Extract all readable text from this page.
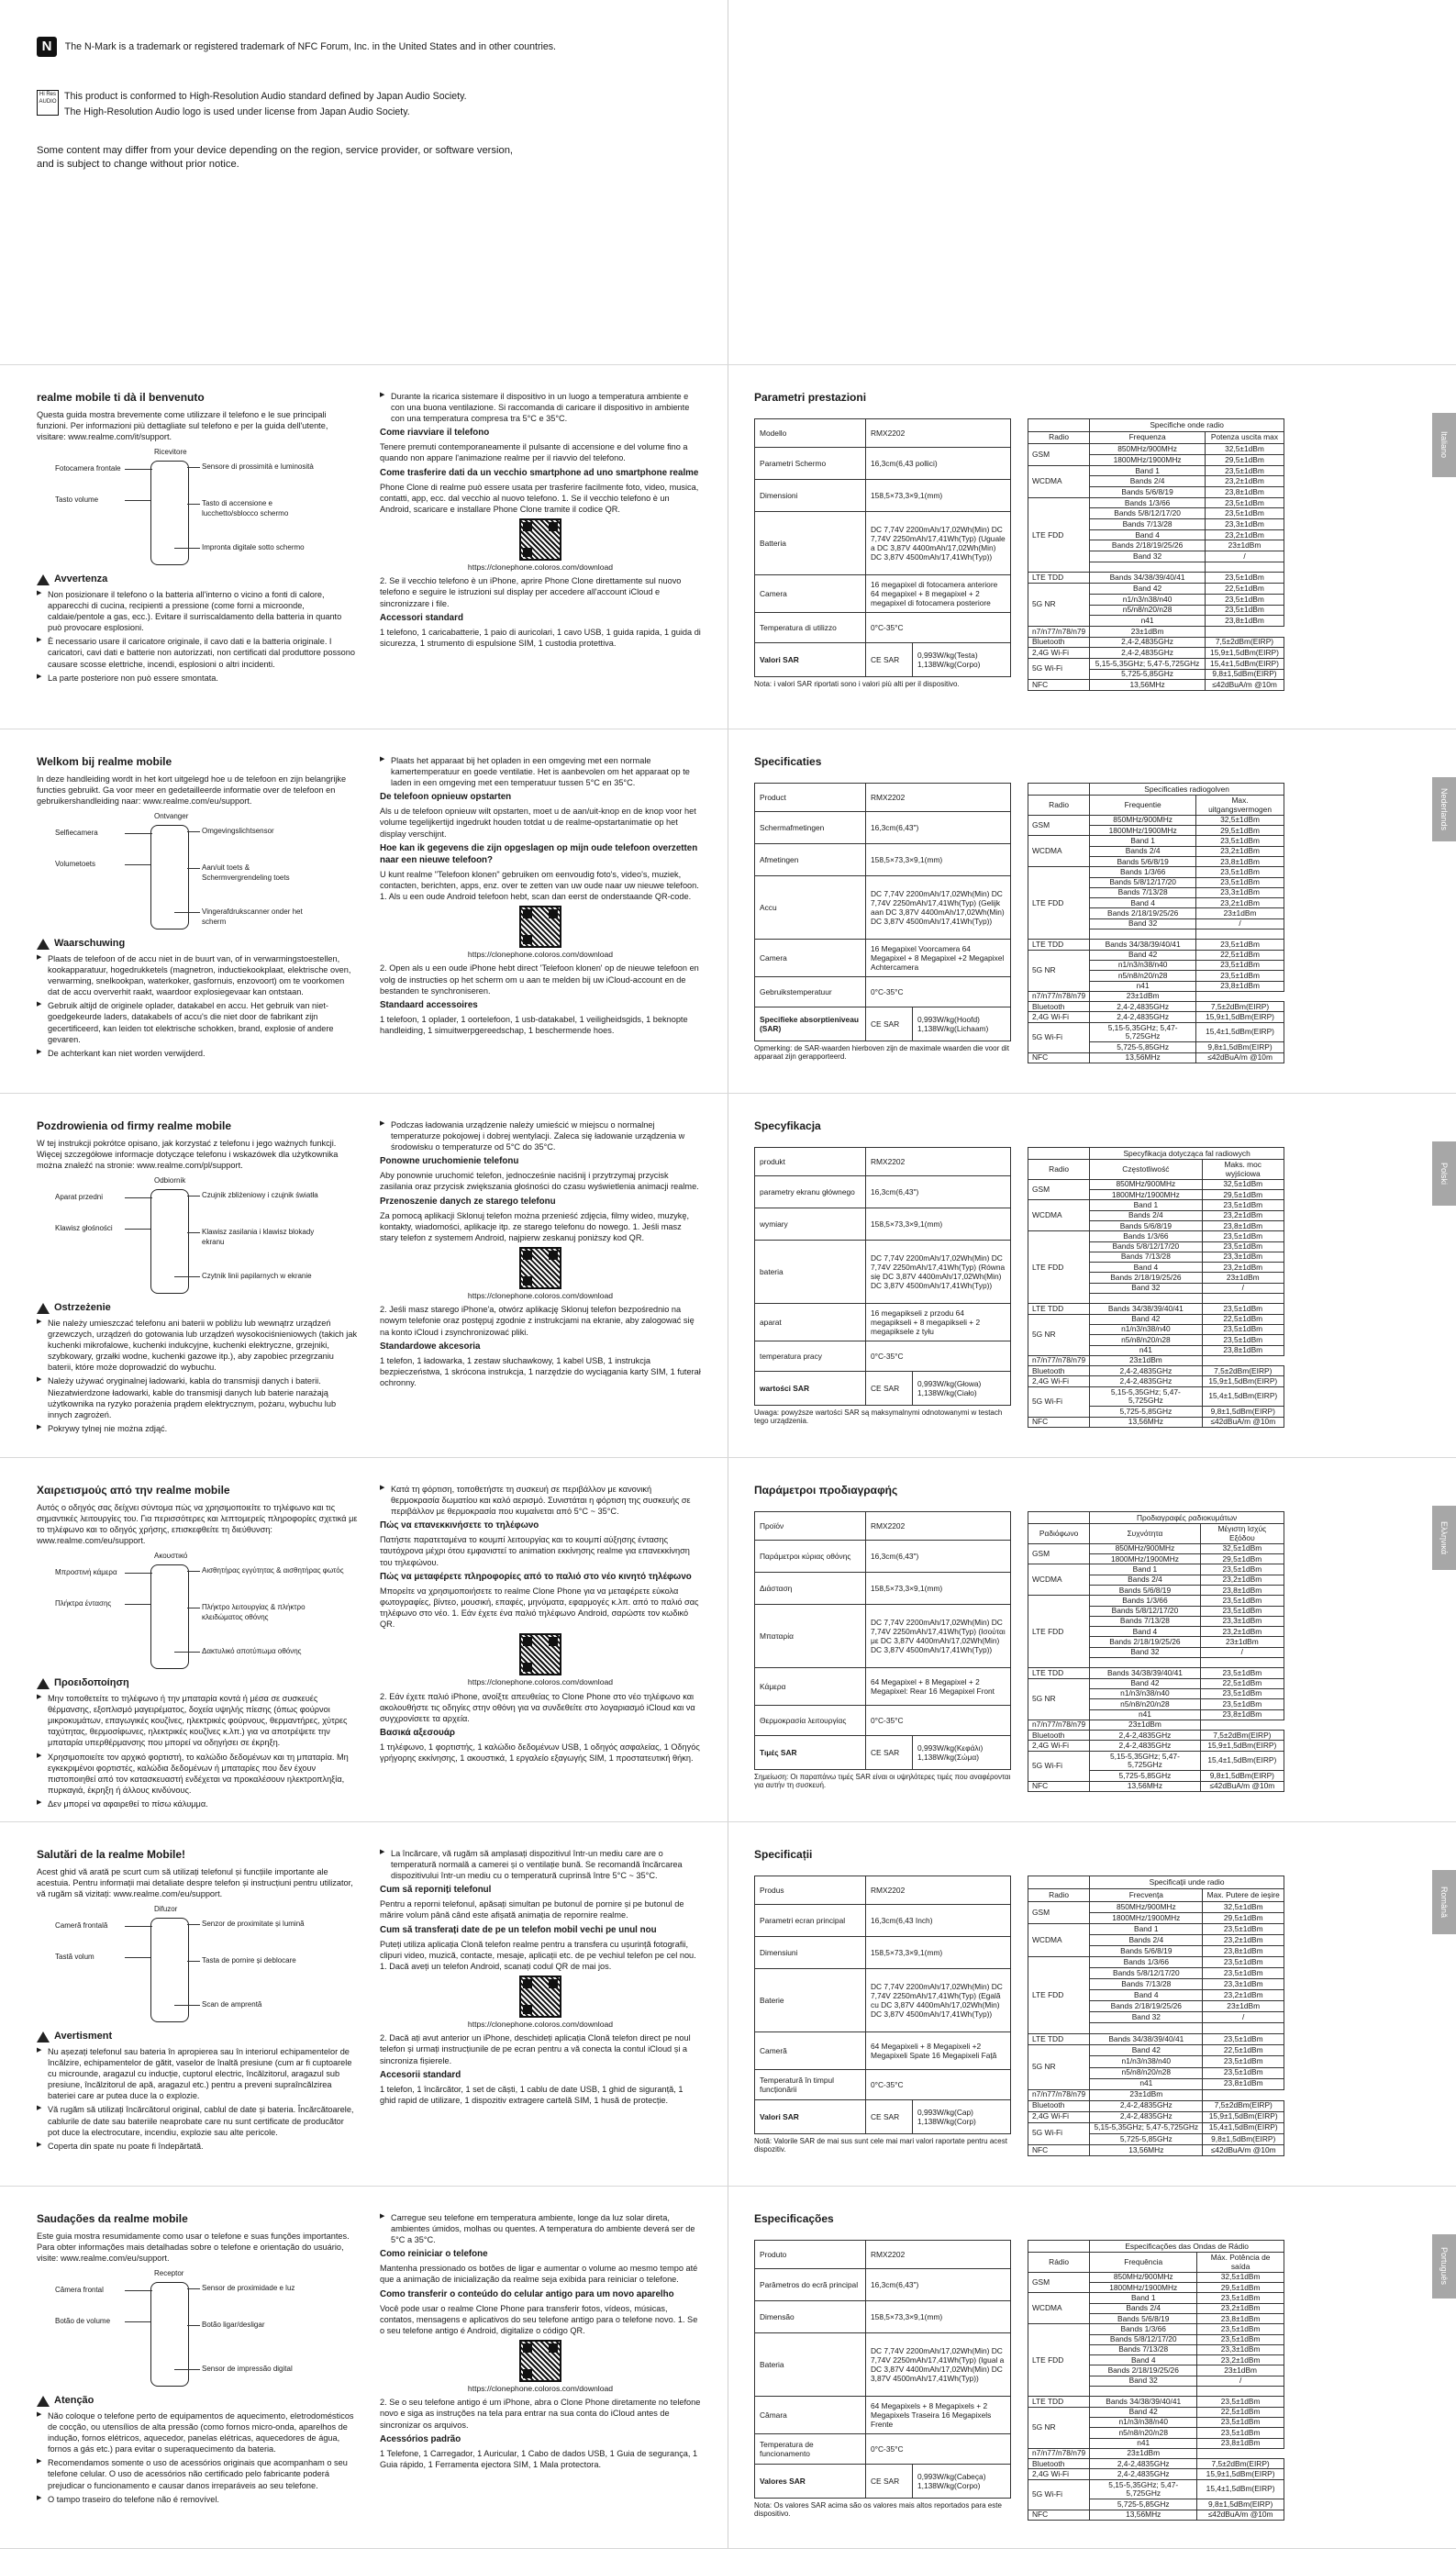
N The N-Mark is a trademark or registered trademark of NFC Forum, Inc. in the United States and in other countries.

Hi Res AUDIO This product is conformed to High-Resolution Audio standard defined by Japan Audio Society.

The High-Resolution Audio logo is used under license from Japan Audio Society.

Some content may differ from your device depending on the region, service provider, or software version,

and is subject to change without prior notice.

realme mobile ti dà il benvenuto

Questa guida mostra brevemente come utilizzare il telefono e le sue principali funzioni. Per informazioni più dettagliate sul telefono e per la guida dell'utente, visitare: www.realme.com/it/support.

Ricevitore
Fotocamera frontale	Sensore di prossimità e luminosità
Tasto volume	Tasto di accensione e lucchetto/sblocco schermo
Impronta digitale sotto schermo
Avvertenza

▶ Non posizionare il telefono o la batteria all'interno o vicino a fonti di calore, apparecchi di cucina, recipienti a pressione (come forni a microonde, caldaie/pentole a gas, ecc.). Evitare il surriscaldamento della batteria in quanto può provocare esplosioni.

▶ È necessario usare il caricatore originale, il cavo dati e la batteria originale. I caricatori, cavi dati e batterie non autorizzati, non certificati dal produttore possono causare scosse elettriche, incendi, esplosioni o altri incidenti.

▶ La parte posteriore non può essere smontata.

▶ Durante la ricarica sistemare il dispositivo in un luogo a temperatura ambiente e con una buona ventilazione. Si raccomanda di caricare il dispositivo in ambiente con una temperatura compresa tra 5°C e 35°C.

Come riavviare il telefono

Tenere premuti contemporaneamente il pulsante di accensione e del volume fino a quando non appare l'animazione realme per il riavvio del telefono.

Come trasferire dati da un vecchio smartphone ad uno smartphone realme

Phone Clone di realme può essere usata per trasferire facilmente foto, video, musica, contatti, app, ecc. dal vecchio al nuovo telefono. 1. Se il vecchio telefono è un Android, scaricare e installare Phone Clone tramite il codice QR.

https://clonephone.coloros.com/download

2. Se il vecchio telefono è un iPhone, aprire Phone Clone direttamente sul nuovo telefono e seguire le istruzioni sul display per accedere all'account iCloud e sincronizzare i file.

Accessori standard

1 telefono, 1 caricabatterie, 1 paio di auricolari, 1 cavo USB, 1 guida rapida, 1 guida di sicurezza, 1 strumento di espulsione SIM, 1 custodia protettiva.

Parametri prestazioni
Modello	RMX2202	
Parametri Schermo	16,3cm(6,43 pollici)	
Dimensioni	158,5×73,3×9,1(mm)	
Batteria	DC 7,74V 2200mAh/17,02Wh(Min) DC 7,74V 2250mAh/17,41Wh(Typ) (Uguale a DC 3,87V 4400mAh/17,02Wh(Min) DC 3,87V 4500mAh/17,41Wh(Typ))	
Camera	16 megapixel di fotocamera anteriore 64 megapixel + 8 megapixel + 2 megapixel di fotocamera posteriore	
Temperatura di utilizzo	0°C-35°C	
Valori SAR	CE SAR	0,993W/kg(Testa) 1,138W/kg(Corpo)

Nota: i valori SAR riportati sono i valori più alti per il dispositivo.

	Specifiche onde radio	
Radio	Frequenza	Potenza uscita max
GSM	850MHz/900MHz	32,5±1dBm
	1800MHz/1900MHz	29,5±1dBm
WCDMA	Band 1	23,5±1dBm
	Bands 2/4	23,2±1dBm
	Bands 5/6/8/19	23,8±1dBm
LTE FDD	Bands 1/3/66	23,5±1dBm
	Bands 5/8/12/17/20	23,5±1dBm
	Bands 7/13/28	23,3±1dBm
	Band 4	23,2±1dBm
	Bands 2/18/19/25/26	23±1dBm
	Band 32	/

LTE TDD	Bands 34/38/39/40/41	23,5±1dBm
5G NR	Band 42	22,5±1dBm
	n1/n3/n38/n40	23,5±1dBm
	n5/n8/n20/n28	23,5±1dBm
	n41	23,8±1dBm
n7/n77/n78/n79	23±1dBm	
Bluetooth	2,4-2,4835GHz	7,5±2dBm(EIRP)
2,4G Wi-Fi	2,4-2,4835GHz	15,9±1,5dBm(EIRP)
5G Wi-Fi	5,15-5,35GHz; 5,47-5,725GHz	15,4±1,5dBm(EIRP)
	5,725-5,85GHz	9,8±1,5dBm(EIRP)
NFC	13,56MHz	≤42dBuA/m @10m
Italiano
Welkom bij realme mobile

In deze handleiding wordt in het kort uitgelegd hoe u de telefoon en zijn belangrijke functies gebruikt. Ga voor meer en gedetailleerde informatie over de telefoon en gebruikershandleiding naar: www.realme.com/eu/support.

Ontvanger
Selfiecamera	Omgevingslichtsensor
Volumetoets	Aan/uit toets & Schermvergrendeling toets
Vingerafdrukscanner onder het scherm
Waarschuwing

▶ Plaats de telefoon of de accu niet in de buurt van, of in verwarmingstoestellen, kookapparatuur, hogedrukketels (magnetron, inductiekookplaat, elektrische oven, verwarming, snelkookpan, waterkoker, gasfornuis, enzovoort) om te voorkomen dat de accu oververhit raakt, waardoor explosiegevaar kan ontstaan.

▶ Gebruik altijd de originele oplader, datakabel en accu. Het gebruik van niet-goedgekeurde laders, datakabels of accu's die niet door de fabrikant zijn gecertificeerd, kan leiden tot elektrische schokken, brand, explosie of andere gevaren.

▶ De achterkant kan niet worden verwijderd.

▶ Plaats het apparaat bij het opladen in een omgeving met een normale kamertemperatuur en goede ventilatie. Het is aanbevolen om het apparaat op te laden in een omgeving met een temperatuur tussen 5°C en 35°C.

De telefoon opnieuw opstarten

Als u de telefoon opnieuw wilt opstarten, moet u de aan/uit-knop en de knop voor het volume tegelijkertijd ingedrukt houden totdat u de realme-opstartanimatie op het display verschijnt.

Hoe kan ik gegevens die zijn opgeslagen op mijn oude telefoon overzetten naar een nieuwe telefoon?

U kunt realme "Telefoon klonen" gebruiken om eenvoudig foto's, video's, muziek, contacten, berichten, apps, enz. over te zetten van uw oude naar uw nieuwe telefoon. 1. Als u een oude Android telefoon hebt, scan dan eerst de onderstaande QR-code.

https://clonephone.coloros.com/download

2. Open als u een oude iPhone hebt direct 'Telefoon klonen' op de nieuwe telefoon en volg de instructies op het scherm om u aan te melden bij uw iCloud-account en de bestanden te synchroniseren.

Standaard accessoires

1 telefoon, 1 oplader, 1 oortelefoon, 1 usb-datakabel, 1 veiligheidsgids, 1 beknopte handleiding, 1 simuitwerpgereedschap, 1 beschermende hoes.

Specificaties
Product	RMX2202	
Schermafmetingen	16,3cm(6,43")	
Afmetingen	158,5×73,3×9,1(mm)	
Accu	DC 7,74V 2200mAh/17,02Wh(Min) DC 7,74V 2250mAh/17,41Wh(Typ) (Gelijk aan DC 3,87V 4400mAh/17,02Wh(Min) DC 3,87V 4500mAh/17,41Wh(Typ))	
Camera	16 Megapixel Voorcamera 64 Megapixel + 8 Megapixel +2 Megapixel Achtercamera	
Gebruikstemperatuur	0°C-35°C	
Specifieke absorptieniveau (SAR)	CE SAR	0,993W/kg(Hoofd) 1,138W/kg(Lichaam)

Opmerking: de SAR-waarden hierboven zijn de maximale waarden die voor dit apparaat zijn gerapporteerd.

	Specificaties radiogolven	
Radio	Frequentie	Max. uitgangsvermogen
GSM	850MHz/900MHz	32,5±1dBm
	1800MHz/1900MHz	29,5±1dBm
WCDMA	Band 1	23,5±1dBm
	Bands 2/4	23,2±1dBm
	Bands 5/6/8/19	23,8±1dBm
LTE FDD	Bands 1/3/66	23,5±1dBm
	Bands 5/8/12/17/20	23,5±1dBm
	Bands 7/13/28	23,3±1dBm
	Band 4	23,2±1dBm
	Bands 2/18/19/25/26	23±1dBm
	Band 32	/

LTE TDD	Bands 34/38/39/40/41	23,5±1dBm
5G NR	Band 42	22,5±1dBm
	n1/n3/n38/n40	23,5±1dBm
	n5/n8/n20/n28	23,5±1dBm
	n41	23,8±1dBm
n7/n77/n78/n79	23±1dBm	
Bluetooth	2,4-2,4835GHz	7,5±2dBm(EIRP)
2,4G Wi-Fi	2,4-2,4835GHz	15,9±1,5dBm(EIRP)
5G Wi-Fi	5,15-5,35GHz; 5,47-5,725GHz	15,4±1,5dBm(EIRP)
	5,725-5,85GHz	9,8±1,5dBm(EIRP)
NFC	13,56MHz	≤42dBuA/m @10m
Nederlands
Pozdrowienia od firmy realme mobile

W tej instrukcji pokrótce opisano, jak korzystać z telefonu i jego ważnych funkcji. Więcej szczegółowe informacje dotyczące telefonu i wskazówek dla użytkownika można znaleźć na stronie: www.realme.com/pl/support.

Odbiornik
Aparat przedni	Czujnik zbliżeniowy i czujnik światła
Klawisz głośności	Klawisz zasilania i klawisz blokady ekranu
Czytnik linii papilarnych w ekranie
Ostrzeżenie

▶ Nie należy umieszczać telefonu ani baterii w pobliżu lub wewnątrz urządzeń grzewczych, urządzeń do gotowania lub urządzeń wysokociśnieniowych (takich jak kuchenki mikrofalowe, kuchenki indukcyjne, kuchenki elektryczne, grzejniki, szybkowary, grzałki wodne, kuchenki gazowe itp.), aby zapobiec przegrzaniu baterii, które może doprowadzić do wybuchu.

▶ Należy używać oryginalnej ładowarki, kabla do transmisji danych i baterii. Niezatwierdzone ładowarki, kable do transmisji danych lub baterie narażają użytkownika na ryzyko porażenia prądem elektrycznym, pożaru, wybuchu lub innych zagrożeń.

▶ Pokrywy tylnej nie można zdjąć.

▶ Podczas ładowania urządzenie należy umieścić w miejscu o normalnej temperaturze pokojowej i dobrej wentylacji. Zaleca się ładowanie urządzenia w środowisku o temperaturze od 5°C do 35°C.

Ponowne uruchomienie telefonu

Aby ponownie uruchomić telefon, jednocześnie naciśnij i przytrzymaj przycisk zasilania oraz przycisk zwiększania głośności do czasu wyświetlenia animacji realme.

Przenoszenie danych ze starego telefonu

Za pomocą aplikacji Sklonuj telefon można przenieść zdjęcia, filmy wideo, muzykę, kontakty, wiadomości, aplikacje itp. ze starego telefonu do nowego. 1. Jeśli masz stary telefon z systemem Android, najpierw zeskanuj poniższy kod QR.

https://clonephone.coloros.com/download

2. Jeśli masz starego iPhone'a, otwórz aplikację Sklonuj telefon bezpośrednio na nowym telefonie oraz postępuj zgodnie z instrukcjami na ekranie, aby zalogować się na konto iCloud i zsynchronizować pliki.

Standardowe akcesoria

1 telefon, 1 ładowarka, 1 zestaw słuchawkowy, 1 kabel USB, 1 instrukcja bezpieczeństwa, 1 skrócona instrukcja, 1 narzędzie do wyciągania karty SIM, 1 futerał ochronny.

Specyfikacja
produkt	RMX2202	
parametry ekranu głównego	16,3cm(6,43")	
wymiary	158,5×73,3×9,1(mm)	
bateria	DC 7,74V 2200mAh/17,02Wh(Min) DC 7,74V 2250mAh/17,41Wh(Typ) (Równa się DC 3,87V 4400mAh/17,02Wh(Min) DC 3,87V 4500mAh/17,41Wh(Typ))	
aparat	16 megapikseli z przodu 64 megapikseli + 8 megapikseli + 2 megapiksele z tyłu	
temperatura pracy	0°C-35°C	
wartości SAR	CE SAR	0,993W/kg(Głowa) 1,138W/kg(Ciało)

Uwaga: powyższe wartości SAR są maksymalnymi odnotowanymi w testach tego urządzenia.

	Specyfikacja dotycząca fal radiowych	
Radio	Częstotliwość	Maks. moc wyjściowa
GSM	850MHz/900MHz	32,5±1dBm
	1800MHz/1900MHz	29,5±1dBm
WCDMA	Band 1	23,5±1dBm
	Bands 2/4	23,2±1dBm
	Bands 5/6/8/19	23,8±1dBm
LTE FDD	Bands 1/3/66	23,5±1dBm
	Bands 5/8/12/17/20	23,5±1dBm
	Bands 7/13/28	23,3±1dBm
	Band 4	23,2±1dBm
	Bands 2/18/19/25/26	23±1dBm
	Band 32	/

LTE TDD	Bands 34/38/39/40/41	23,5±1dBm
5G NR	Band 42	22,5±1dBm
	n1/n3/n38/n40	23,5±1dBm
	n5/n8/n20/n28	23,5±1dBm
	n41	23,8±1dBm
n7/n77/n78/n79	23±1dBm	
Bluetooth	2,4-2,4835GHz	7,5±2dBm(EIRP)
2,4G Wi-Fi	2,4-2,4835GHz	15,9±1,5dBm(EIRP)
5G Wi-Fi	5,15-5,35GHz; 5,47-5,725GHz	15,4±1,5dBm(EIRP)
	5,725-5,85GHz	9,8±1,5dBm(EIRP)
NFC	13,56MHz	≤42dBuA/m @10m
Polski
Χαιρετισμούς από την realme mobile

Αυτός ο οδηγός σας δείχνει σύντομα πώς να χρησιμοποιείτε το τηλέφωνο και τις σημαντικές λειτουργίες του. Για περισσότερες και λεπτομερείς πληροφορίες σχετικά με το τηλέφωνο και το οδηγός χρήσης, επισκεφθείτε τη διεύθυνση: www.realme.com/eu/support.

Ακουστικό
Μπροστινή κάμερα	Αισθητήρας εγγύτητας & αισθητήρας φωτός
Πλήκτρα έντασης	Πλήκτρο λειτουργίας & πλήκτρο κλειδώματος οθόνης
Δακτυλικό αποτύπωμα οθόνης
Προειδοποίηση

▶ Μην τοποθετείτε το τηλέφωνο ή την μπαταρία κοντά ή μέσα σε συσκευές θέρμανσης, εξοπλισμό μαγειρέματος, δοχεία υψηλής πίεσης (όπως φούρνοι μικροκυμάτων, επαγωγικές κουζίνες, ηλεκτρικές φούρνους, θερμαντήρες, χύτρες ταχύτητας, θερμοσίφωνες, ηλεκτρικές κουζίνες κ.λπ.) για να αποτρέψετε την μπαταρία υπερθέρμανσης που μπορεί να οδηγήσει σε έκρηξη.

▶ Χρησιμοποιείτε τον αρχικό φορτιστή, το καλώδιο δεδομένων και τη μπαταρία. Μη εγκεκριμένοι φορτιστές, καλώδια δεδομένων ή μπαταρίες που δεν έχουν πιστοποιηθεί από τον κατασκευαστή ενδέχεται να προκαλέσουν ηλεκτροπληξία, πυρκαγιά, έκρηξη ή άλλους κινδύνους.

▶ Δεν μπορεί να αφαιρεθεί το πίσω κάλυμμα.

▶ Κατά τη φόρτιση, τοποθετήστε τη συσκευή σε περιβάλλον με κανονική θερμοκρασία δωματίου και καλό αερισμό. Συνιστάται η φόρτιση της συσκευής σε περιβάλλον με θερμοκρασία που κυμαίνεται από 5°C ~ 35°C.

Πώς να επανεκκινήσετε το τηλέφωνο

Πατήστε παρατεταμένα το κουμπί λειτουργίας και το κουμπί αύξησης έντασης ταυτόχρονα μέχρι ότου εμφανιστεί το animation εκκίνησης realme για επανεκκίνηση του τηλεφώνου.

Πώς να μεταφέρετε πληροφορίες από το παλιό στο νέο κινητό τηλέφωνο

Μπορείτε να χρησιμοποιήσετε το realme Clone Phone για να μεταφέρετε εύκολα φωτογραφίες, βίντεο, μουσική, επαφές, μηνύματα, εφαρμογές κ.λπ. από το παλιό σας τηλέφωνο στο νέο. 1. Εάν έχετε ένα παλιό τηλέφωνο Android, σαρώστε τον κωδικό QR.

https://clonephone.coloros.com/download

2. Εάν έχετε παλιό iPhone, ανοίξτε απευθείας το Clone Phone στο νέο τηλέφωνο και ακολουθήστε τις οδηγίες στην οθόνη για να συνδεθείτε στο λογαριασμό iCloud και να συγχρονίσετε τα αρχεία.

Βασικά αξεσουάρ

1 τηλέφωνο, 1 φορτιστής, 1 καλώδιο δεδομένων USB, 1 οδηγός ασφαλείας, 1 Οδηγός γρήγορης εκκίνησης, 1 ακουστικά, 1 εργαλείο εξαγωγής SIM, 1 προστατευτική θήκη.

Παράμετροι προδιαγραφής
Προϊόν	RMX2202	
Παράμετροι κύριας οθόνης	16,3cm(6,43")	
Διάσταση	158,5×73,3×9,1(mm)	
Μπαταρία	DC 7,74V 2200mAh/17,02Wh(Min) DC 7,74V 2250mAh/17,41Wh(Typ) (Ισούται με DC 3,87V 4400mAh/17,02Wh(Min) DC 3,87V 4500mAh/17,41Wh(Typ))	
Κάμερα	64 Megapixel + 8 Megapixel + 2 Megapixel: Rear 16 Megapixel Front	
Θερμοκρασία λειτουργίας	0°C-35°C	
Τιμές SAR	CE SAR	0,993W/kg(Κεφάλι) 1,138W/kg(Σώμα)

Σημείωση: Οι παραπάνω τιμές SAR είναι οι υψηλότερες τιμές που αναφέρονται για αυτήν τη συσκευή.

	Προδιαγραφές ραδιοκυμάτων	
Ραδιόφωνο	Συχνότητα	Μέγιστη Ισχύς Εξόδου
GSM	850MHz/900MHz	32,5±1dBm
	1800MHz/1900MHz	29,5±1dBm
WCDMA	Band 1	23,5±1dBm
	Bands 2/4	23,2±1dBm
	Bands 5/6/8/19	23,8±1dBm
LTE FDD	Bands 1/3/66	23,5±1dBm
	Bands 5/8/12/17/20	23,5±1dBm
	Bands 7/13/28	23,3±1dBm
	Band 4	23,2±1dBm
	Bands 2/18/19/25/26	23±1dBm
	Band 32	/

LTE TDD	Bands 34/38/39/40/41	23,5±1dBm
5G NR	Band 42	22,5±1dBm
	n1/n3/n38/n40	23,5±1dBm
	n5/n8/n20/n28	23,5±1dBm
	n41	23,8±1dBm
n7/n77/n78/n79	23±1dBm	
Bluetooth	2,4-2,4835GHz	7,5±2dBm(EIRP)
2,4G Wi-Fi	2,4-2,4835GHz	15,9±1,5dBm(EIRP)
5G Wi-Fi	5,15-5,35GHz; 5,47-5,725GHz	15,4±1,5dBm(EIRP)
	5,725-5,85GHz	9,8±1,5dBm(EIRP)
NFC	13,56MHz	≤42dBuA/m @10m
Ελληνικά
Salutări de la realme Mobile!

Acest ghid vă arată pe scurt cum să utilizați telefonul și funcțiile importante ale acestuia. Pentru informații mai detaliate despre telefon și instrucțiuni pentru utilizator, vă rugăm să vizitați: www.realme.com/eu/support.

Difuzor
Cameră frontală	Senzor de proximitate și lumină
Tastă volum	Tasta de pornire și deblocare
Scan de amprentă
Avertisment

▶ Nu așezați telefonul sau bateria în apropierea sau în interiorul echipamentelor de încălzire, echipamentelor de gătit, vaselor de înaltă presiune (cum ar fi cuptoarele cu microunde, aragazul cu inducție, cuptorul electric, încălzitorul, aragazul sub presiune, încălzitorul de apă, aragazul etc.) pentru a preveni supraîncălzirea bateriei care ar putea duce la o explozie.

▶ Vă rugăm să utilizați încărcătorul original, cablul de date și bateria. Încărcătoarele, cablurile de date sau bateriile neaprobate care nu sunt certificate de producător pot duce la electrocutare, incendiu, explozie sau alte pericole.

▶ Coperta din spate nu poate fi îndepărtată.

▶ La încărcare, vă rugăm să amplasați dispozitivul într-un mediu care are o temperatură normală a camerei și o ventilație bună. Se recomandă încărcarea dispozitivului într-un mediu cu o temperatură cuprinsă între 5°C ~ 35°C.

Cum să reporniți telefonul

Pentru a reporni telefonul, apăsați simultan pe butonul de pornire și pe butonul de mărire volum până când este afișată animația de repornire realme.

Cum să transferați date de pe un telefon mobil vechi pe unul nou

Puteți utiliza aplicația Clonă telefon realme pentru a transfera cu ușurință fotografii, clipuri video, muzică, contacte, mesaje, aplicații etc. de pe vechiul telefon pe cel nou. 1. Dacă aveți un telefon Android, scanați codul QR de mai jos.

https://clonephone.coloros.com/download

2. Dacă ați avut anterior un iPhone, deschideți aplicația Clonă telefon direct pe noul telefon și urmați instrucțiunile de pe ecran pentru a vă conecta la contul iCloud și a sincroniza fișierele.

Accesorii standard

1 telefon, 1 încărcător, 1 set de căști, 1 cablu de date USB, 1 ghid de siguranță, 1 ghid rapid de utilizare, 1 dispozitiv extragere cartelă SIM, 1 husă de protecție.

Specificații
Produs	RMX2202	
Parametri ecran principal	16,3cm(6,43 Inch)	
Dimensiuni	158,5×73,3×9,1(mm)	
Baterie	DC 7,74V 2200mAh/17,02Wh(Min) DC 7,74V 2250mAh/17,41Wh(Typ) (Egală cu DC 3,87V 4400mAh/17,02Wh(Min) DC 3,87V 4500mAh/17,41Wh(Typ))	
Cameră	64 Megapixeli + 8 Megapixeli +2 Megapixeli Spate 16 Megapixeli Față	
Temperatură în timpul funcționării	0°C-35°C	
Valori SAR	CE SAR	0,993W/kg(Cap) 1,138W/kg(Corp)

Notă: Valorile SAR de mai sus sunt cele mai mari valori raportate pentru acest dispozitiv.

	Specificații unde radio	
Radio	Frecvența	Max. Putere de ieșire
GSM	850MHz/900MHz	32,5±1dBm
	1800MHz/1900MHz	29,5±1dBm
WCDMA	Band 1	23,5±1dBm
	Bands 2/4	23,2±1dBm
	Bands 5/6/8/19	23,8±1dBm
LTE FDD	Bands 1/3/66	23,5±1dBm
	Bands 5/8/12/17/20	23,5±1dBm
	Bands 7/13/28	23,3±1dBm
	Band 4	23,2±1dBm
	Bands 2/18/19/25/26	23±1dBm
	Band 32	/

LTE TDD	Bands 34/38/39/40/41	23,5±1dBm
5G NR	Band 42	22,5±1dBm
	n1/n3/n38/n40	23,5±1dBm
	n5/n8/n20/n28	23,5±1dBm
	n41	23,8±1dBm
n7/n77/n78/n79	23±1dBm	
Bluetooth	2,4-2,4835GHz	7,5±2dBm(EIRP)
2,4G Wi-Fi	2,4-2,4835GHz	15,9±1,5dBm(EIRP)
5G Wi-Fi	5,15-5,35GHz; 5,47-5,725GHz	15,4±1,5dBm(EIRP)
	5,725-5,85GHz	9,8±1,5dBm(EIRP)
NFC	13,56MHz	≤42dBuA/m @10m
Română
Saudações da realme mobile

Este guia mostra resumidamente como usar o telefone e suas funções importantes. Para obter informações mais detalhadas sobre o telefone e orientação do usuário, visite: www.realme.com/eu/support.

Receptor
Câmera frontal	Sensor de proximidade e luz
Botão de volume	Botão ligar/desligar
Sensor de impressão digital
Atenção

▶ Não coloque o telefone perto de equipamentos de aquecimento, eletrodomésticos de cocção, ou utensílios de alta pressão (como fornos micro-onda, aparelhos de indução, fornos elétricos, aquecedor, panelas elétricas, aquecedores de água, fornos a gás etc.) para evitar o superaquecimento da bateria.

▶ Recomendamos somente o uso de acessórios originais que acompanham o seu telefone celular. O uso de acessórios não certificado pelo fabricante poderá prejudicar o funcionamento e causar danos irreparáveis ao seu telefone.

▶ O tampo traseiro do telefone não é removível.

▶ Carregue seu telefone em temperatura ambiente, longe da luz solar direta, ambientes úmidos, molhas ou quentes. A temperatura do ambiente deverá ser de 5°C a 35°C.

Como reiniciar o telefone

Mantenha pressionado os botões de ligar e aumentar o volume ao mesmo tempo até que a animação de inicialização da realme seja exibida para reiniciar o telefone.

Como transferir o conteúdo do celular antigo para um novo aparelho

Você pode usar o realme Clone Phone para transferir fotos, vídeos, músicas, contatos, mensagens e aplicativos do seu telefone antigo para o telefone novo. 1. Se o seu telefone antigo é Android, digitalize o código QR.

https://clonephone.coloros.com/download

2. Se o seu telefone antigo é um iPhone, abra o Clone Phone diretamente no telefone novo e siga as instruções na tela para entrar na sua conta do iCloud antes de sincronizar os arquivos.

Acessórios padrão

1 Telefone, 1 Carregador, 1 Auricular, 1 Cabo de dados USB, 1 Guia de segurança, 1 Guia rápido, 1 Ferramenta ejectora SIM, 1 Mala protectora.

Especificações
Produto	RMX2202	
Parâmetros do ecrã principal	16,3cm(6,43")	
Dimensão	158,5×73,3×9,1(mm)	
Bateria	DC 7,74V 2200mAh/17,02Wh(Min) DC 7,74V 2250mAh/17,41Wh(Typ) (Igual a DC 3,87V 4400mAh/17,02Wh(Min) DC 3,87V 4500mAh/17,41Wh(Typ))	
Câmara	64 Megapixels + 8 Megapixels + 2 Megapixels Traseira 16 Megapixels Frente	
Temperatura de funcionamento	0°C-35°C	
Valores SAR	CE SAR	0,993W/kg(Cabeça) 1,138W/kg(Corpo)

Nota: Os valores SAR acima são os valores mais altos reportados para este dispositivo.

	Especificações das Ondas de Rádio	
Rádio	Frequência	Máx. Potência de saída
GSM	850MHz/900MHz	32,5±1dBm
	1800MHz/1900MHz	29,5±1dBm
WCDMA	Band 1	23,5±1dBm
	Bands 2/4	23,2±1dBm
	Bands 5/6/8/19	23,8±1dBm
LTE FDD	Bands 1/3/66	23,5±1dBm
	Bands 5/8/12/17/20	23,5±1dBm
	Bands 7/13/28	23,3±1dBm
	Band 4	23,2±1dBm
	Bands 2/18/19/25/26	23±1dBm
	Band 32	/

LTE TDD	Bands 34/38/39/40/41	23,5±1dBm
5G NR	Band 42	22,5±1dBm
	n1/n3/n38/n40	23,5±1dBm
	n5/n8/n20/n28	23,5±1dBm
	n41	23,8±1dBm
n7/n77/n78/n79	23±1dBm	
Bluetooth	2,4-2,4835GHz	7,5±2dBm(EIRP)
2,4G Wi-Fi	2,4-2,4835GHz	15,9±1,5dBm(EIRP)
5G Wi-Fi	5,15-5,35GHz; 5,47-5,725GHz	15,4±1,5dBm(EIRP)
	5,725-5,85GHz	9,8±1,5dBm(EIRP)
NFC	13,56MHz	≤42dBuA/m @10m
Português
